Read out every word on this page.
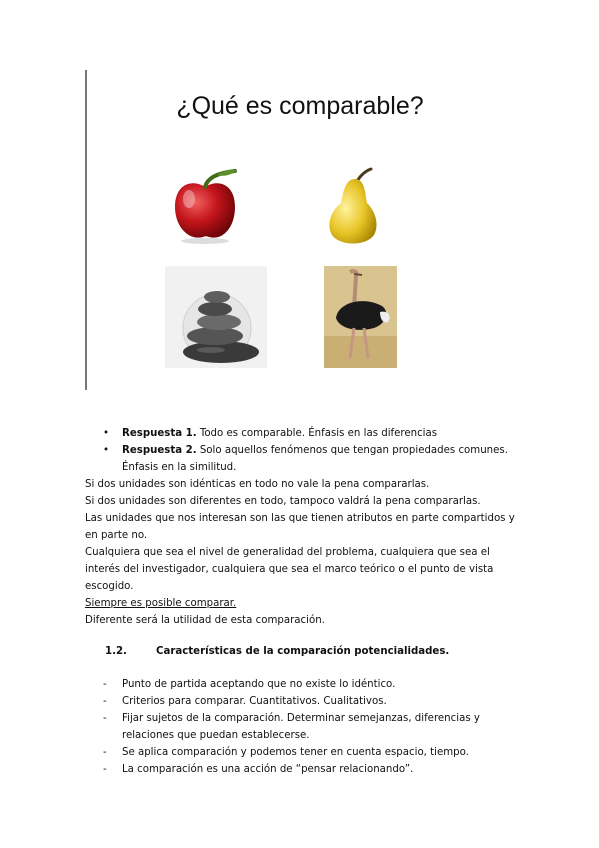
¿Qué es comparable?
• Respuesta 1. Todo es comparable. Énfasis en las diferencias
• Respuesta 2. Solo aquellos fenómenos que tengan propiedades comunes. Énfasis en la similitud.

Si dos unidades son idénticas en todo no vale la pena compararlas.

Si dos unidades son diferentes en todo, tampoco valdrá la pena compararlas.

Las unidades que nos interesan son las que tienen atributos en parte compartidos y en parte no.

Cualquiera que sea el nivel de generalidad del problema, cualquiera que sea el interés del investigador, cualquiera que sea el marco teórico o el punto de vista escogido.

Siempre es posible comparar.

Diferente será la utilidad de esta comparación.

1.2.	Características de la comparación potencialidades.
- Punto de partida aceptando que no existe lo idéntico.
- Criterios para comparar. Cuantitativos. Cualitativos.
- Fijar sujetos de la comparación. Determinar semejanzas, diferencias y relaciones que puedan establecerse.
- Se aplica comparación y podemos tener en cuenta espacio, tiempo.
- La comparación es una acción de “pensar relacionando”.
